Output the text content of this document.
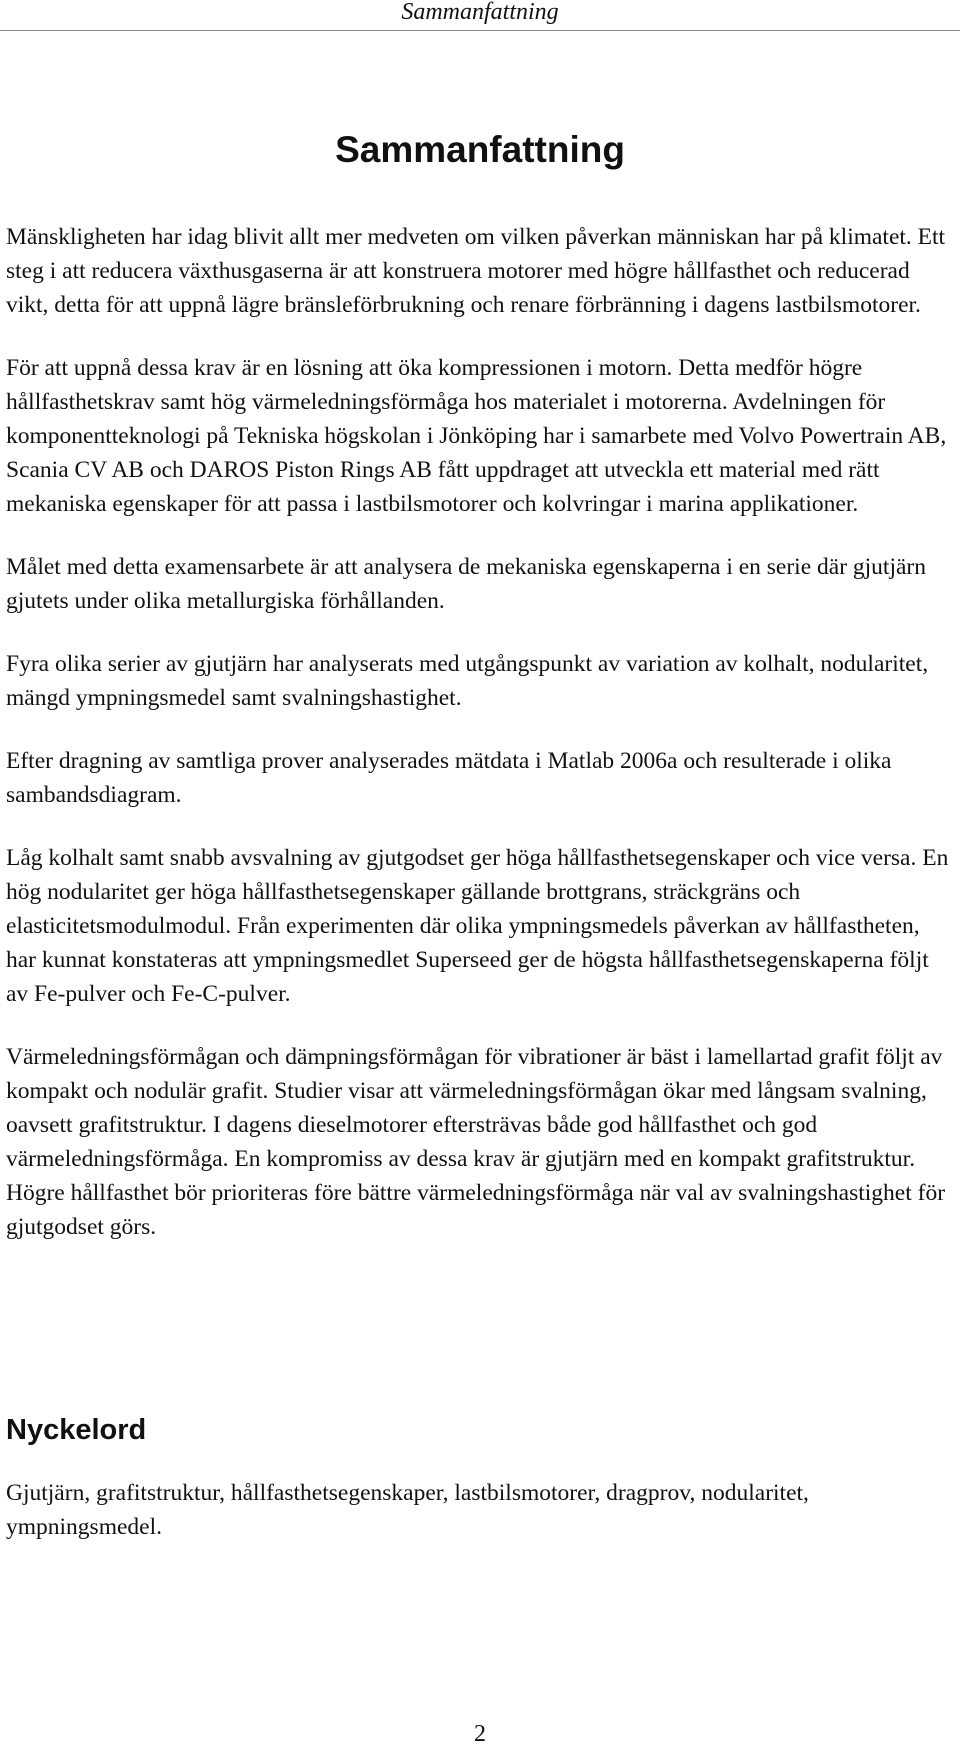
Sammanfattning
Sammanfattning

Mänskligheten har idag blivit allt mer medveten om vilken påverkan människan har på klimatet. Ett steg i att reducera växthusgaserna är att konstruera motorer med högre hållfasthet och reducerad vikt, detta för att uppnå lägre bränsleförbrukning och renare förbränning i dagens lastbilsmotorer.

För att uppnå dessa krav är en lösning att öka kompressionen i motorn. Detta medför högre hållfasthetskrav samt hög värmeledningsförmåga hos materialet i motorerna. Avdelningen för komponentteknologi på Tekniska högskolan i Jönköping har i samarbete med Volvo Powertrain AB, Scania CV AB och DAROS Piston Rings AB fått uppdraget att utveckla ett material med rätt mekaniska egenskaper för att passa i lastbilsmotorer och kolvringar i marina applikationer.

Målet med detta examensarbete är att analysera de mekaniska egenskaperna i en serie där gjutjärn gjutets under olika metallurgiska förhållanden.

Fyra olika serier av gjutjärn har analyserats med utgångspunkt av variation av kolhalt, nodularitet, mängd ympningsmedel samt svalningshastighet.

Efter dragning av samtliga prover analyserades mätdata i Matlab 2006a och resulterade i olika sambandsdiagram.

Låg kolhalt samt snabb avsvalning av gjutgodset ger höga hållfasthetsegenskaper och vice versa. En hög nodularitet ger höga hållfasthetsegenskaper gällande brottgrans, sträckgräns och elasticitetsmodulmodul. Från experimenten där olika ympningsmedels påverkan av hållfastheten, har kunnat konstateras att ympningsmedlet Superseed ger de högsta hållfasthetsegenskaperna följt av Fe-pulver och Fe-C-pulver.

Värmeledningsförmågan och dämpningsförmågan för vibrationer är bäst i lamellartad grafit följt av kompakt och nodulär grafit. Studier visar att värmeledningsförmågan ökar med långsam svalning, oavsett grafitstruktur. I dagens dieselmotorer eftersträvas både god hållfasthet och god värmeledningsförmåga. En kompromiss av dessa krav är gjutjärn med en kompakt grafitstruktur. Högre hållfasthet bör prioriteras före bättre värmeledningsförmåga när val av svalningshastighet för gjutgodset görs.

Nyckelord

Gjutjärn, grafitstruktur, hållfasthetsegenskaper, lastbilsmotorer, dragprov, nodularitet, ympningsmedel.

2
